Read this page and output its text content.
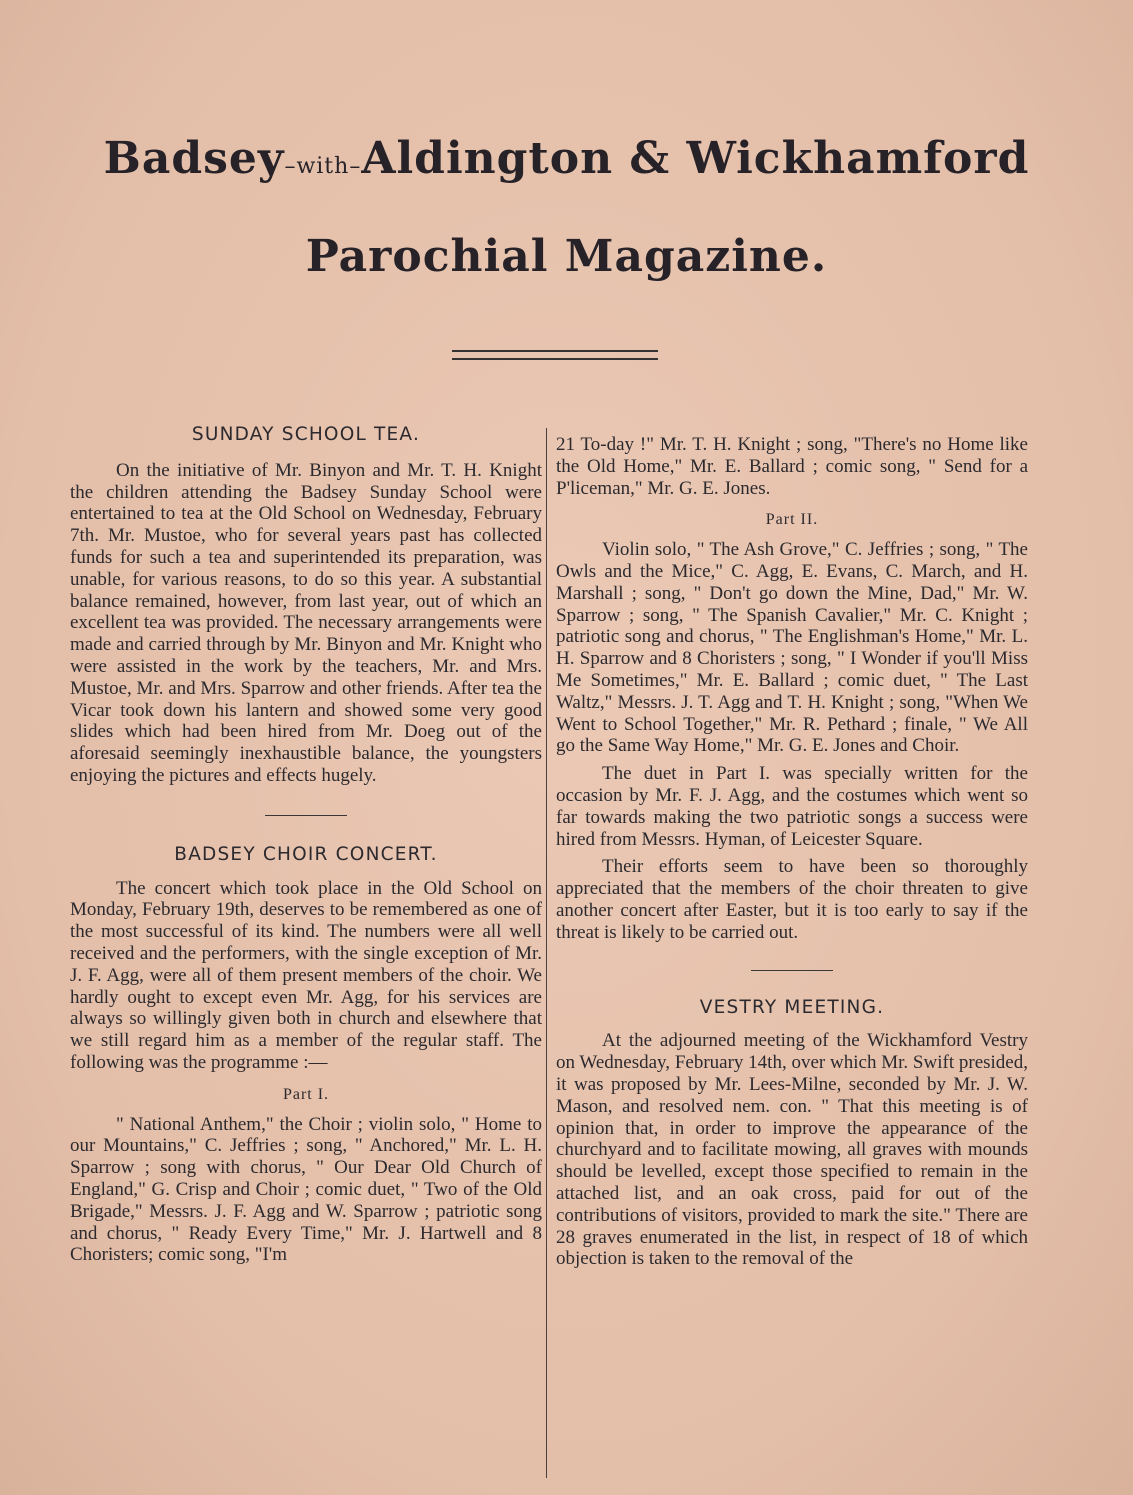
Badsey–with–Aldington & Wickhamford
Parochial Magazine.
SUNDAY SCHOOL TEA.

On the initiative of Mr. Binyon and Mr. T. H. Knight the children attending the Badsey Sunday School were entertained to tea at the Old School on Wednesday, February 7th. Mr. Mustoe, who for several years past has collected funds for such a tea and superintended its preparation, was unable, for various reasons, to do so this year. A substantial balance remained, however, from last year, out of which an excellent tea was provided. The necessary arrangements were made and carried through by Mr. Binyon and Mr. Knight who were assisted in the work by the teachers, Mr. and Mrs. Mustoe, Mr. and Mrs. Sparrow and other friends. After tea the Vicar took down his lantern and showed some very good slides which had been hired from Mr. Doeg out of the aforesaid seemingly inexhaustible balance, the youngsters enjoying the pictures and effects hugely.

BADSEY CHOIR CONCERT.

The concert which took place in the Old School on Monday, February 19th, deserves to be remembered as one of the most successful of its kind. The numbers were all well received and the performers, with the single exception of Mr. J. F. Agg, were all of them present members of the choir. We hardly ought to except even Mr. Agg, for his services are always so willingly given both in church and elsewhere that we still regard him as a member of the regular staff. The following was the programme :—

Part I.

" National Anthem," the Choir ; violin solo, " Home to our Mountains," C. Jeffries ; song, " Anchored," Mr. L. H. Sparrow ; song with chorus, " Our Dear Old Church of England," G. Crisp and Choir ; comic duet, " Two of the Old Brigade," Messrs. J. F. Agg and W. Sparrow ; patriotic song and chorus, " Ready Every Time," Mr. J. Hartwell and 8 Choristers; comic song, "I'm

21 To-day !" Mr. T. H. Knight ; song, "There's no Home like the Old Home," Mr. E. Ballard ; comic song, " Send for a P'liceman," Mr. G. E. Jones.

Part II.

Violin solo, " The Ash Grove," C. Jeffries ; song, " The Owls and the Mice," C. Agg, E. Evans, C. March, and H. Marshall ; song, " Don't go down the Mine, Dad," Mr. W. Sparrow ; song, " The Spanish Cavalier," Mr. C. Knight ; patriotic song and chorus, " The Englishman's Home," Mr. L. H. Sparrow and 8 Choristers ; song, " I Wonder if you'll Miss Me Sometimes," Mr. E. Ballard ; comic duet, " The Last Waltz," Messrs. J. T. Agg and T. H. Knight ; song, "When We Went to School Together," Mr. R. Pethard ; finale, " We All go the Same Way Home," Mr. G. E. Jones and Choir.

The duet in Part I. was specially written for the occasion by Mr. F. J. Agg, and the costumes which went so far towards making the two patriotic songs a success were hired from Messrs. Hyman, of Leicester Square.

Their efforts seem to have been so thoroughly appreciated that the members of the choir threaten to give another concert after Easter, but it is too early to say if the threat is likely to be carried out.

VESTRY MEETING.

At the adjourned meeting of the Wickhamford Vestry on Wednesday, February 14th, over which Mr. Swift presided, it was proposed by Mr. Lees-Milne, seconded by Mr. J. W. Mason, and resolved nem. con. " That this meeting is of opinion that, in order to improve the appearance of the churchyard and to facilitate mowing, all graves with mounds should be levelled, except those specified to remain in the attached list, and an oak cross, paid for out of the contributions of visitors, provided to mark the site." There are 28 graves enumerated in the list, in respect of 18 of which objection is taken to the removal of the
